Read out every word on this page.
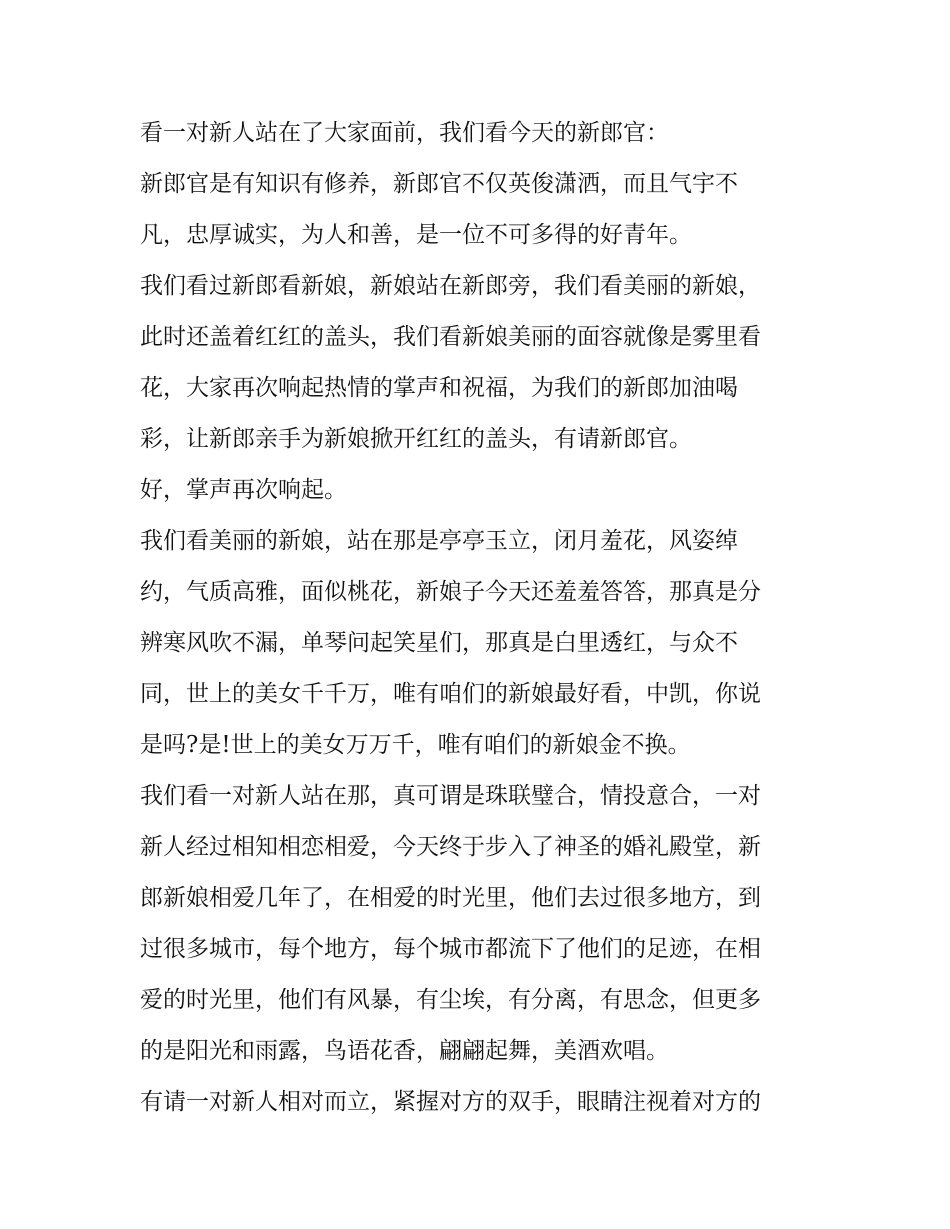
看一对新人站在了大家面前，我们看今天的新郎官：
新郎官是有知识有修养，新郎官不仅英俊潇洒，而且气宇不
凡，忠厚诚实，为人和善，是一位不可多得的好青年。
我们看过新郎看新娘，新娘站在新郎旁，我们看美丽的新娘，
此时还盖着红红的盖头，我们看新娘美丽的面容就像是雾里看
花，大家再次响起热情的掌声和祝福，为我们的新郎加油喝
彩，让新郎亲手为新娘掀开红红的盖头，有请新郎官。
好，掌声再次响起。
我们看美丽的新娘，站在那是亭亭玉立，闭月羞花，风姿绰
约，气质高雅，面似桃花，新娘子今天还羞羞答答，那真是分
辨寒风吹不漏，单琴问起笑星们，那真是白里透红，与众不
同，世上的美女千千万，唯有咱们的新娘最好看，中凯，你说
是吗?是!世上的美女万万千，唯有咱们的新娘金不换。
我们看一对新人站在那，真可谓是珠联璧合，情投意合，一对
新人经过相知相恋相爱，今天终于步入了神圣的婚礼殿堂，新
郎新娘相爱几年了，在相爱的时光里，他们去过很多地方，到
过很多城市，每个地方，每个城市都流下了他们的足迹，在相
爱的时光里，他们有风暴，有尘埃，有分离，有思念，但更多
的是阳光和雨露，鸟语花香，翩翩起舞，美酒欢唱。
有请一对新人相对而立，紧握对方的双手，眼睛注视着对方的
